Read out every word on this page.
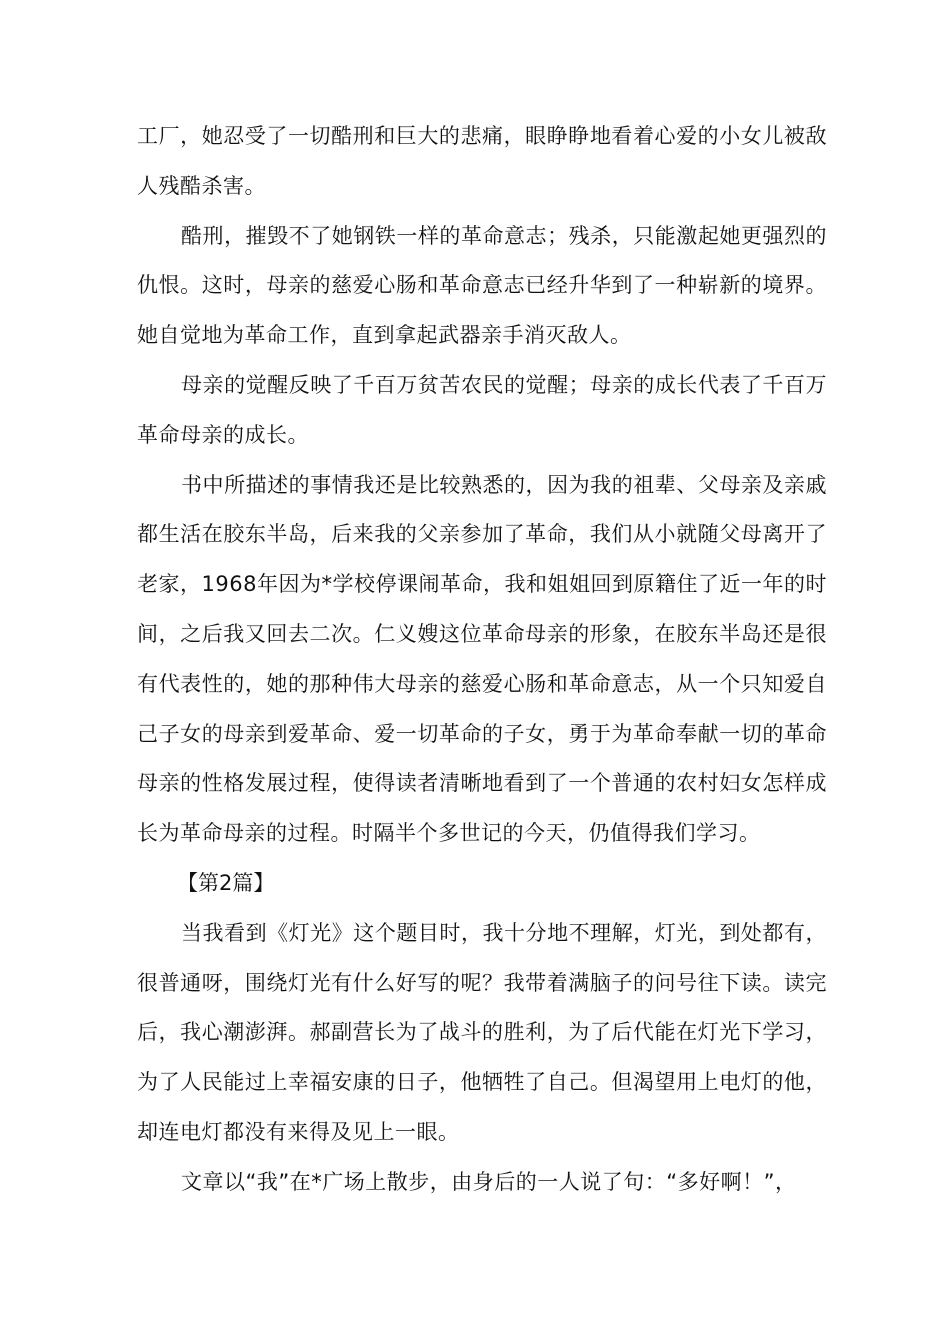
工厂，她忍受了一切酷刑和巨大的悲痛，眼睁睁地看着心爱的小女儿被敌人残酷杀害。

酷刑，摧毁不了她钢铁一样的革命意志；残杀，只能激起她更强烈的仇恨。这时，母亲的慈爱心肠和革命意志已经升华到了一种崭新的境界。她自觉地为革命工作，直到拿起武器亲手消灭敌人。

母亲的觉醒反映了千百万贫苦农民的觉醒；母亲的成长代表了千百万革命母亲的成长。

书中所描述的事情我还是比较熟悉的，因为我的祖辈、父母亲及亲戚都生活在胶东半岛，后来我的父亲参加了革命，我们从小就随父母离开了老家，1968年因为*学校停课闹革命，我和姐姐回到原籍住了近一年的时间，之后我又回去二次。仁义嫂这位革命母亲的形象，在胶东半岛还是很有代表性的，她的那种伟大母亲的慈爱心肠和革命意志，从一个只知爱自己子女的母亲到爱革命、爱一切革命的子女，勇于为革命奉献一切的革命母亲的性格发展过程，使得读者清晰地看到了一个普通的农村妇女怎样成长为革命母亲的过程。时隔半个多世记的今天，仍值得我们学习。

【第2篇】

当我看到《灯光》这个题目时，我十分地不理解，灯光，到处都有，很普通呀，围绕灯光有什么好写的呢？我带着满脑子的问号往下读。读完后，我心潮澎湃。郝副营长为了战斗的胜利，为了后代能在灯光下学习，为了人民能过上幸福安康的日子，他牺牲了自己。但渴望用上电灯的他，却连电灯都没有来得及见上一眼。

文章以“我”在*广场上散步，由身后的一人说了句：“多好啊！”，
